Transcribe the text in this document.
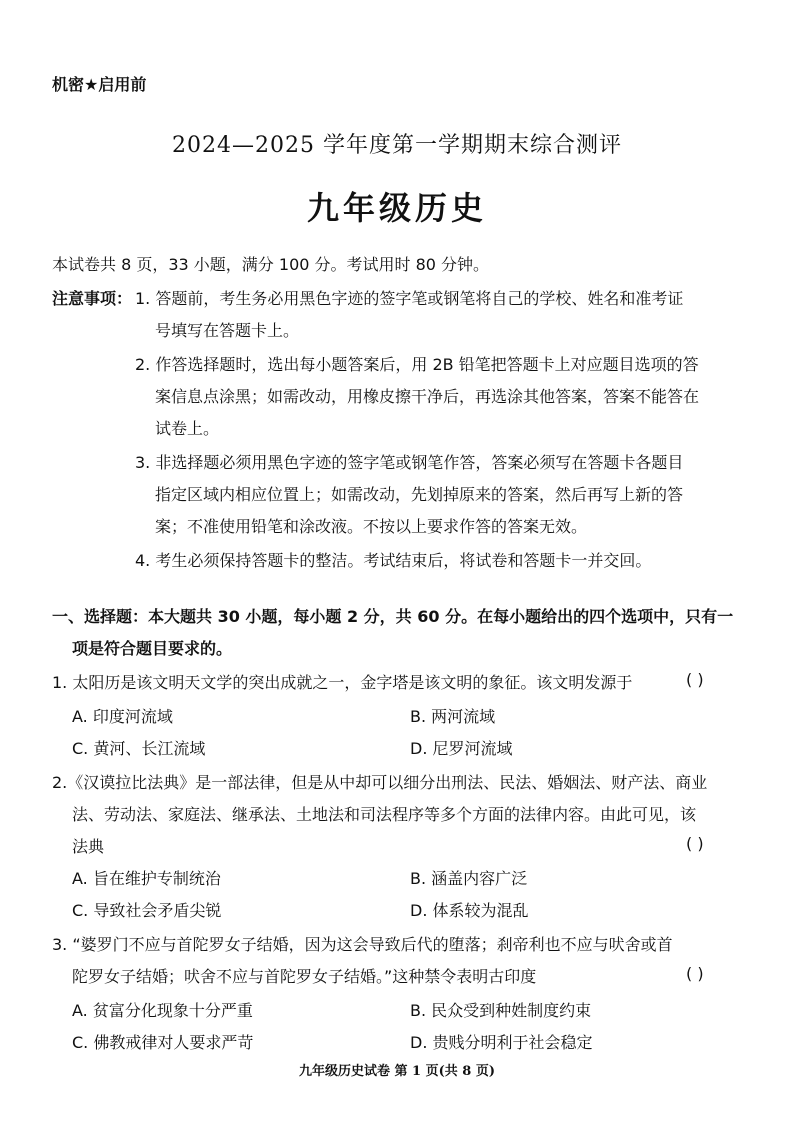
机密★启用前
2024—2025 学年度第一学期期末综合测评
九年级历史
本试卷共 8 页，33 小题，满分 100 分。考试用时 80 分钟。
注意事项： 1. 答题前，考生务必用黑色字迹的签字笔或钢笔将自己的学校、姓名和准考证
号填写在答题卡上。
2. 作答选择题时，选出每小题答案后，用 2B 铅笔把答题卡上对应题目选项的答
案信息点涂黑；如需改动，用橡皮擦干净后，再选涂其他答案，答案不能答在
试卷上。
3. 非选择题必须用黑色字迹的签字笔或钢笔作答，答案必须写在答题卡各题目
指定区域内相应位置上；如需改动，先划掉原来的答案，然后再写上新的答
案；不准使用铅笔和涂改液。不按以上要求作答的答案无效。
4. 考生必须保持答题卡的整洁。考试结束后，将试卷和答题卡一并交回。
一、选择题：本大题共 30 小题，每小题 2 分，共 60 分。在每小题给出的四个选项中，只有一
项是符合题目要求的。
1. 太阳历是该文明天文学的突出成就之一，金字塔是该文明的象征。该文明发源于	( )
A. 印度河流域	B. 两河流域
C. 黄河、长江流域	D. 尼罗河流域
2.《汉谟拉比法典》是一部法律，但是从中却可以细分出刑法、民法、婚姻法、财产法、商业
法、劳动法、家庭法、继承法、土地法和司法程序等多个方面的法律内容。由此可见，该
法典	( )
A. 旨在维护专制统治	B. 涵盖内容广泛
C. 导致社会矛盾尖锐	D. 体系较为混乱
3. “婆罗门不应与首陀罗女子结婚，因为这会导致后代的堕落；刹帝利也不应与吠舍或首
陀罗女子结婚；吠舍不应与首陀罗女子结婚。”这种禁令表明古印度	( )
A. 贫富分化现象十分严重	B. 民众受到种姓制度约束
C. 佛教戒律对人要求严苛	D. 贵贱分明利于社会稳定
九年级历史试卷 第 1 页(共 8 页)
